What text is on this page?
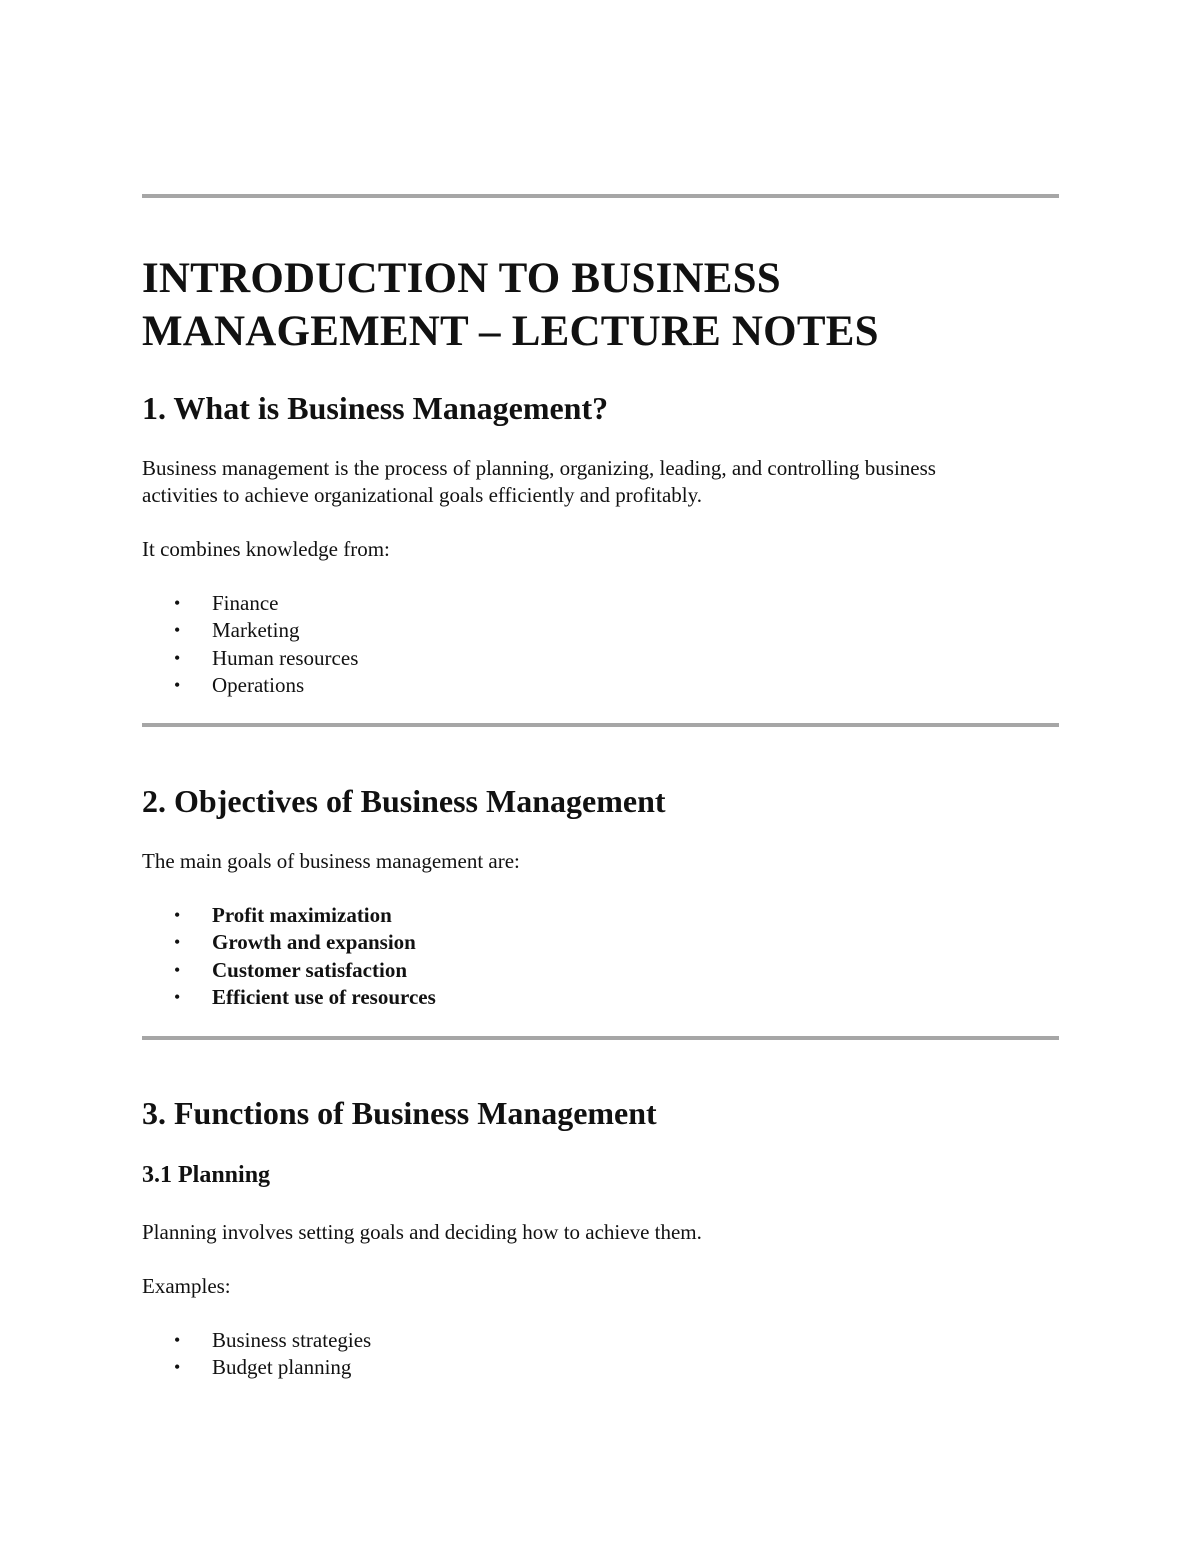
INTRODUCTION TO BUSINESS
MANAGEMENT – LECTURE NOTES
1. What is Business Management?

Business management is the process of planning, organizing, leading, and controlling business
activities to achieve organizational goals efficiently and profitably.

It combines knowledge from:

• Finance
• Marketing
• Human resources
• Operations
2. Objectives of Business Management

The main goals of business management are:

• Profit maximization
• Growth and expansion
• Customer satisfaction
• Efficient use of resources
3. Functions of Business Management
3.1 Planning

Planning involves setting goals and deciding how to achieve them.

Examples:

• Business strategies
• Budget planning
